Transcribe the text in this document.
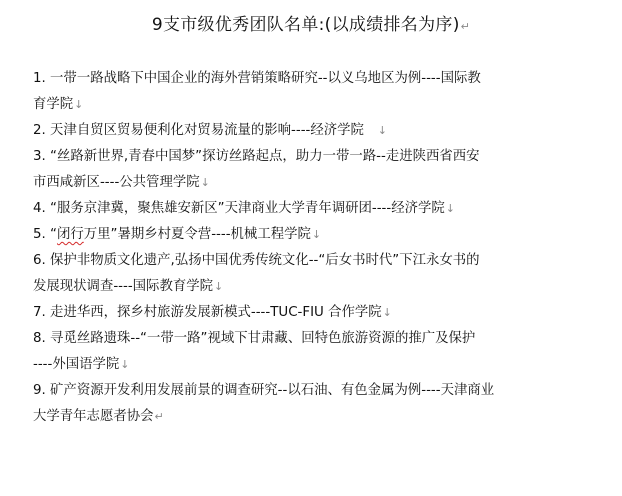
9支市级优秀团队名单:(以成绩排名为序)↵
1. 一带一路战略下中国企业的海外营销策略研究--以义乌地区为例----国际教
育学院↓
2. 天津自贸区贸易便利化对贸易流量的影响----经济学院   ↓
3. “丝路新世界,青春中国梦”探访丝路起点，助力一带一路--走进陕西省西安
市西咸新区----公共管理学院↓
4. “服务京津冀，聚焦雄安新区”天津商业大学青年调研团----经济学院↓
5. “闭行万里”暑期乡村夏令营----机械工程学院↓
6. 保护非物质文化遗产,弘扬中国优秀传统文化--“后女书时代”下江永女书的
发展现状调查----国际教育学院↓
7. 走进华西，探乡村旅游发展新模式----TUC-FIU 合作学院↓
8. 寻觅丝路遗珠--“一带一路”视域下甘肃藏、回特色旅游资源的推广及保护
----外国语学院↓
9. 矿产资源开发利用发展前景的调查研究--以石油、有色金属为例----天津商业
大学青年志愿者协会↵
